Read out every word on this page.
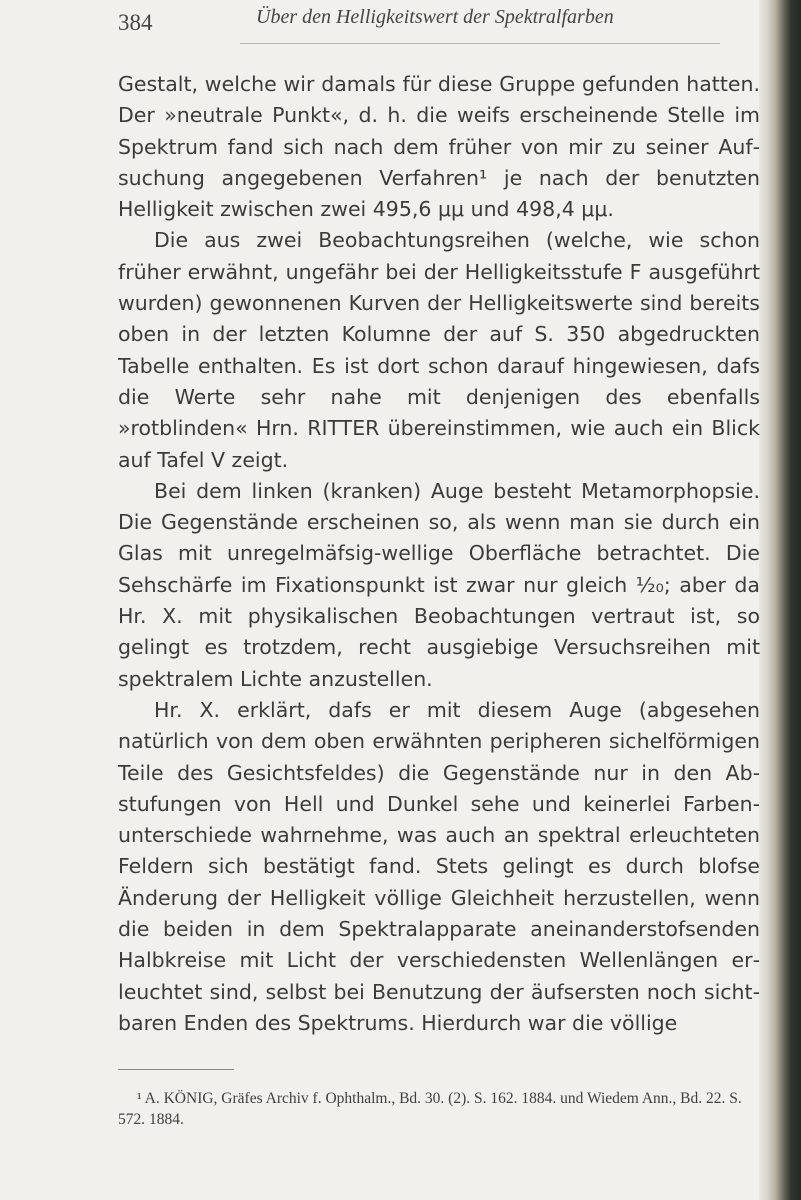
384	Über den Helligkeitswert der Spektralfarben

Gestalt, welche wir damals für diese Gruppe gefunden hatten. Der »neutrale Punkt«, d. h. die weifs erscheinende Stelle im Spektrum fand sich nach dem früher von mir zu seiner Aufsuchung angegebenen Verfahren¹ je nach der benutzten Helligkeit zwischen zwei 495,6 μμ und 498,4 μμ.

Die aus zwei Beobachtungsreihen (welche, wie schon früher erwähnt, ungefähr bei der Helligkeitsstufe F ausgeführt wurden) gewonnenen Kurven der Helligkeitswerte sind bereits oben in der letzten Kolumne der auf S. 350 abgedruckten Tabelle enthalten. Es ist dort schon darauf hingewiesen, dafs die Werte sehr nahe mit denjenigen des ebenfalls »rotblinden« Hrn. RITTER übereinstimmen, wie auch ein Blick auf Tafel V zeigt.

Bei dem linken (kranken) Auge besteht Metamorphopsie. Die Gegenstände erscheinen so, als wenn man sie durch ein Glas mit unregelmäfsig-wellige Oberfläche betrachtet. Die Sehschärfe im Fixationspunkt ist zwar nur gleich ¹⁄₂₀; aber da Hr. X. mit physikalischen Beobachtungen vertraut ist, so gelingt es trotzdem, recht ausgiebige Versuchsreihen mit spektralem Lichte anzustellen.

Hr. X. erklärt, dafs er mit diesem Auge (abgesehen natürlich von dem oben erwähnten peripheren sichelförmigen Teile des Gesichtsfeldes) die Gegenstände nur in den Abstufungen von Hell und Dunkel sehe und keinerlei Farbenunterschiede wahrnehme, was auch an spektral erleuchteten Feldern sich bestätigt fand. Stets gelingt es durch blofse Änderung der Helligkeit völlige Gleichheit herzustellen, wenn die beiden in dem Spektralapparate aneinanderstofsenden Halbkreise mit Licht der verschiedensten Wellenlängen erleuchtet sind, selbst bei Benutzung der äufsersten noch sichtbaren Enden des Spektrums. Hierdurch war die völlige

¹ A. KÖNIG, Gräfes Archiv f. Ophthalm., Bd. 30. (2). S. 162. 1884. und Wiedem Ann., Bd. 22. S. 572. 1884.
